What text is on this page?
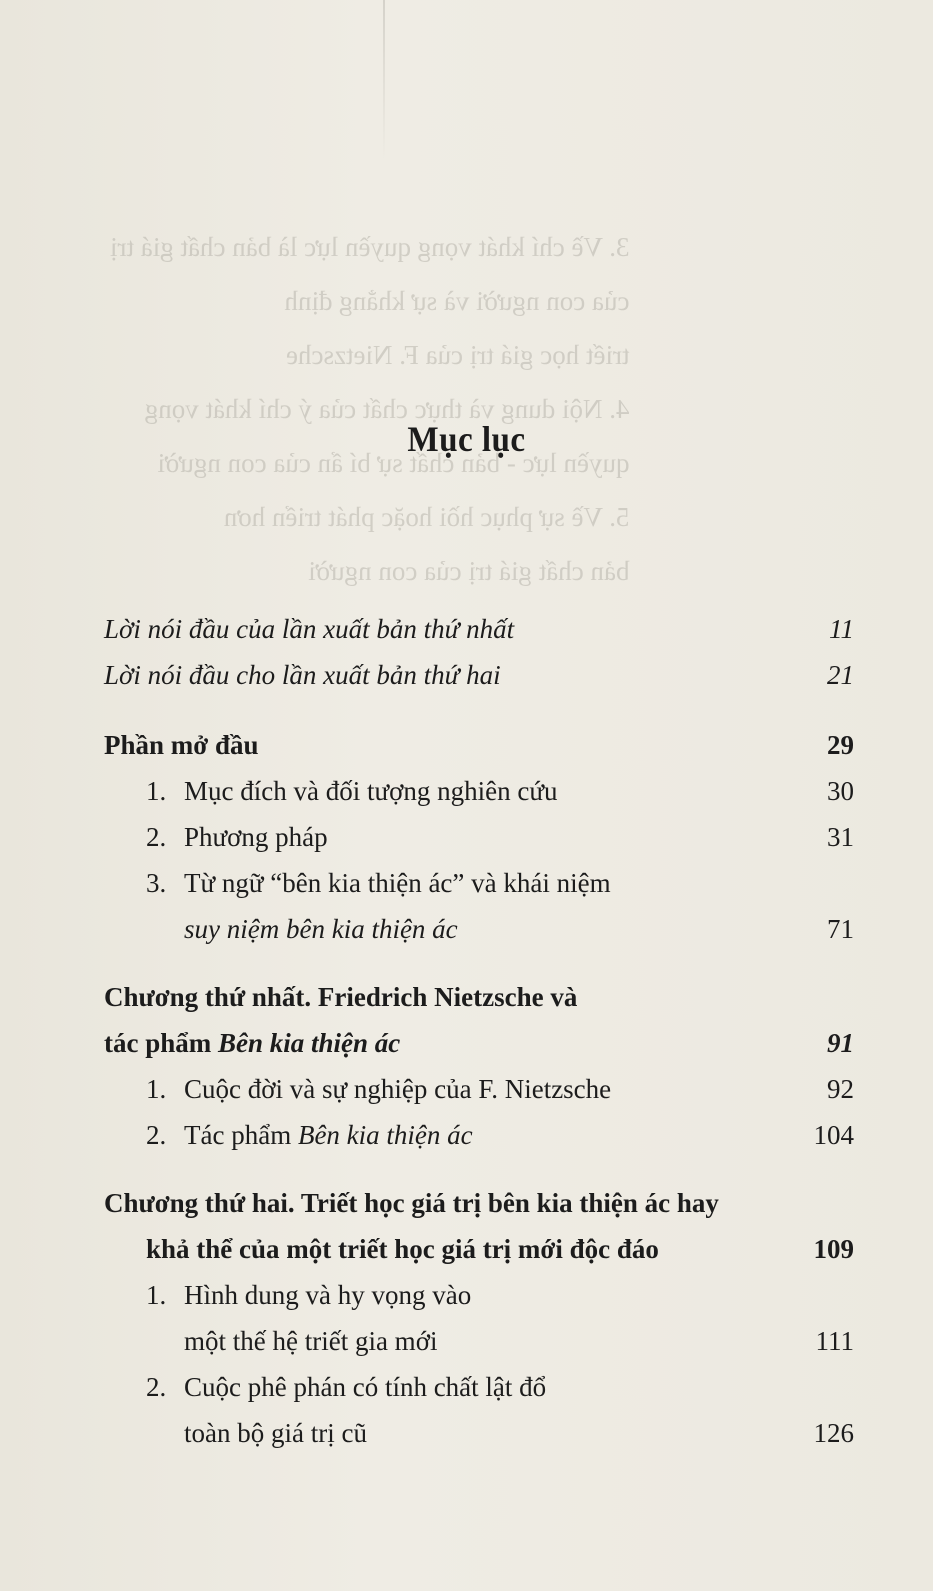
3. Về chí khát vọng quyền lực là bản chất giá trị
của con người và sự khẳng định
triết học giá trị của F. Nietzsche
4. Nội dung và thực chất của ý chí khát vọng
quyền lực - bản chất sự bí ẩn của con người
5. Về sự phục hồi hoặc phát triển hơn
bản chất giá trị của con người
Mục lục
Lời nói đầu của lần xuất bản thứ nhất	11
Lời nói đầu cho lần xuất bản thứ hai	21
Phần mở đầu	29
1. Mục đích và đối tượng nghiên cứu	30
2. Phương pháp	31
3. Từ ngữ “bên kia thiện ác” và khái niệm
suy niệm bên kia thiện ác	71
Chương thứ nhất. Friedrich Nietzsche và
tác phẩm Bên kia thiện ác	91
1. Cuộc đời và sự nghiệp của F. Nietzsche	92
2. Tác phẩm Bên kia thiện ác	104
Chương thứ hai. Triết học giá trị bên kia thiện ác hay
khả thể của một triết học giá trị mới độc đáo	109
1. Hình dung và hy vọng vào
một thế hệ triết gia mới	111
2. Cuộc phê phán có tính chất lật đổ
toàn bộ giá trị cũ	126
